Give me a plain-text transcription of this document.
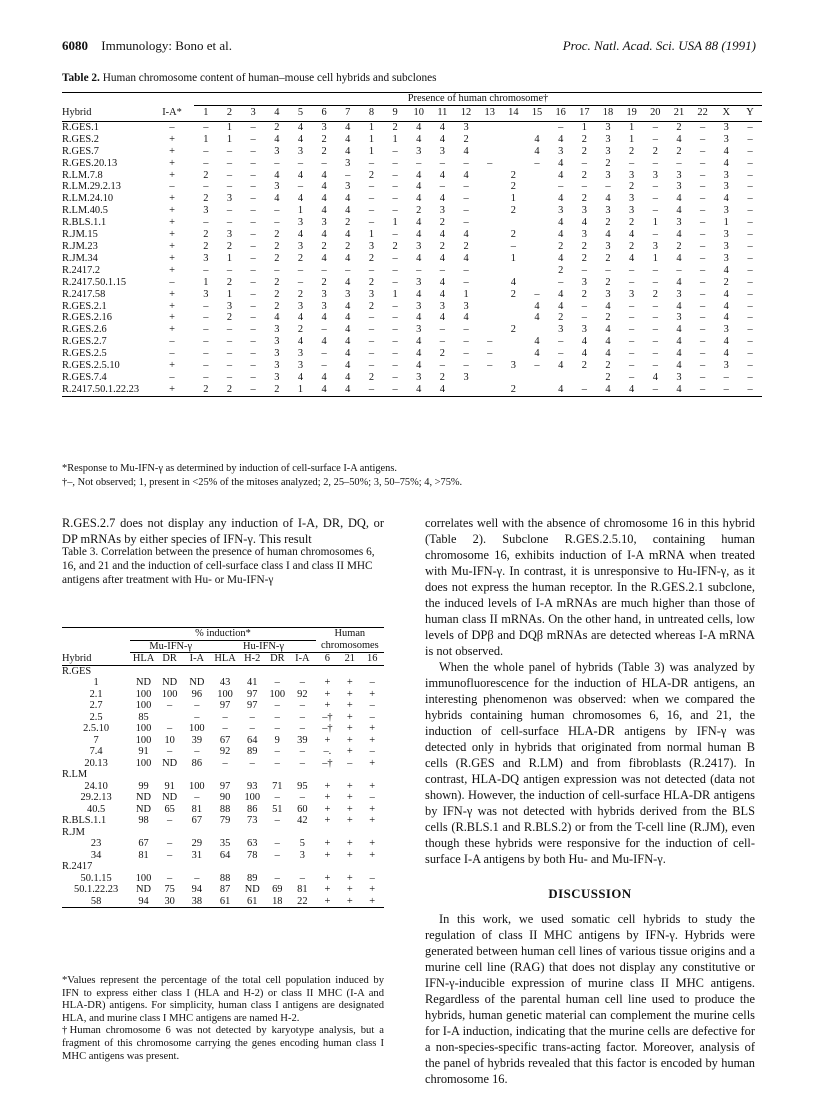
6080 Immunology: Bono et al.	Proc. Natl. Acad. Sci. USA 88 (1991)
Table 2. Human chromosome content of human–mouse cell hybrids and subclones
		Presence of human chromosome†																							
Hybrid	I-A*	1	2	3	4	5	6	7	8	9	10	11	12	13	14	15	16	17	18	19	20	21	22	X	Y
R.GES.1	–	–	1	–	2	4	3	4	1	2	4	4	3				–	1	3	1	–	2	–	3	–
R.GES.2	+	1	1	–	4	4	2	4	1	1	4	4	2			4	4	2	3	1	–	4	–	3	–
R.GES.7	+	–	–	–	3	3	2	4	1	–	3	3	4			4	3	2	3	2	2	2	–	4	–
R.GES.20.13	+	–	–	–	–	–	–	3	–	–	–	–	–	–		–	4	–	2	–	–	–	–	4	–
R.LM.7.8	+	2	–	–	4	4	4	–	2	–	4	4	4		2		4	2	3	3	3	3	–	3	–
R.LM.29.2.13	–	–	–	–	3	–	4	3	–	–	4	–	–		2		–	–	–	2	–	3	–	3	–
R.LM.24.10	+	2	3	–	4	4	4	4	–	–	4	4	–		1		4	2	4	3	–	4	–	4	–
R.LM.40.5	+	3	–	–	–	1	4	4	–	–	2	3	–		2		3	3	3	3	–	4	–	3	–
R.BLS.1.1	+	–	–	–	–	3	3	2	–	1	4	2	–				4	4	2	2	1	3	–	1	–
R.JM.15	+	2	3	–	2	4	4	4	1	–	4	4	4		2		4	3	4	4	–	4	–	3	–
R.JM.23	+	2	2	–	2	3	2	2	3	2	3	2	2		–		2	2	3	2	3	2	–	3	–
R.JM.34	+	3	1	–	2	2	4	4	2	–	4	4	4		1		4	2	2	4	1	4	–	3	–
R.2417.2	+	–	–	–	–	–	–	–	–	–	–	–	–				2	–	–	–	–	–	–	4	–
R.2417.50.1.15	–	1	2	–	2	–	2	4	2	–	3	4	–		4		–	3	2	–	–	4	–	2	–
R.2417.58	+	3	1	–	2	2	3	3	3	1	4	4	1		2	–	4	2	3	3	2	3	–	4	–
R.GES.2.1	+	–	3	–	2	3	3	4	2	–	3	3	3			4	4	–	4	–	–	4	–	4	–
R.GES.2.16	+	–	2	–	4	4	4	4	–	–	4	4	4			4	2	–	2	–	–	3	–	4	–
R.GES.2.6	+	–	–	–	3	2	–	4	–	–	3	–	–		2		3	3	4	–	–	4	–	3	–
R.GES.2.7	–	–	–	–	3	4	4	4	–	–	4	–	–	–		4	–	4	4	–	–	4	–	4	–
R.GES.2.5	–	–	–	–	3	3	–	4	–	–	4	2	–	–		4	–	4	4	–	–	4	–	4	–
R.GES.2.5.10	+	–	–	–	3	3	–	4	–	–	4	–	–	–	3	–	4	2	2	–	–	4	–	3	–
R.GES.7.4	–	–	–	–	3	4	4	4	2	–	3	2	3						2	–	4	3	–	–	–
R.2417.50.1.22.23	+	2	2	–	2	1	4	4	–	–	4	4			2		4	–	4	4	–	4	–	–	–
*Response to Mu-IFN-γ as determined by induction of cell-surface I-A antigens.
†–, Not observed; 1, present in <25% of the mitoses analyzed; 2, 25–50%; 3, 50–75%; 4, >75%.
R.GES.2.7 does not display any induction of I-A, DR, DQ, or DP mRNAs by either species of IFN-γ. This result
Table 3. Correlation between the presence of human chromosomes 6, 16, and 21 and the induction of cell-surface class I and class II MHC antigens after treatment with Hu- or Mu-IFN-γ
	% induction*							Human		
	Mu-IFN-γ			Hu-IFN-γ				chromosomes		
Hybrid	HLA	DR	I-A	HLA	H-2	DR	I-A	6	21	16
R.GES										
1	ND	ND	ND	43	41	–	–	+	+	–
2.1	100	100	96	100	97	100	92	+	+	+
2.7	100	–	–	97	97	–	–	+	+	–
2.5	85		–	–	–	–	–	–†	+	–
2.5.10	100	–	100	–	–	–	–	–†	+	+
7	100	10	39	67	64	9	39	+	+	+
7.4	91	–	–	92	89	–	–	–.	+	–
20.13	100	ND	86	–	–	–	–	–†	–	+
R.LM										
24.10	99	91	100	97	93	71	95	+	+	+
29.2.13	ND	ND	–	90	100	–	–	+	+	–
40.5	ND	65	81	88	86	51	60	+	+	+
R.BLS.1.1	98	–	67	79	73	–	42	+	+	+
R.JM										
23	67	–	29	35	63	–	5	+	+	+
34	81	–	31	64	78	–	3	+	+	+
R.2417										
50.1.15	100	–	–	88	89	–	–	+	+	–
50.1.22.23	ND	75	94	87	ND	69	81	+	+	+
58	94	30	38	61	61	18	22	+	+	+
*Values represent the percentage of the total cell population induced by IFN to express either class I (HLA and H-2) or class II MHC (I-A and HLA-DR) antigens. For simplicity, human class I antigens are designated HLA, and murine class I MHC antigens are named H-2.
†Human chromosome 6 was not detected by karyotype analysis, but a fragment of this chromosome carrying the genes encoding human class I MHC antigens was present.

correlates well with the absence of chromosome 16 in this hybrid (Table 2). Subclone R.GES.2.5.10, containing human chromosome 16, exhibits induction of I-A mRNA when treated with Mu-IFN-γ. In contrast, it is unresponsive to Hu-IFN-γ, as it does not express the human receptor. In the R.GES.2.1 subclone, the induced levels of I-A mRNAs are much higher than those of human class II mRNAs. On the other hand, in untreated cells, low levels of DPβ and DQβ mRNAs are detected whereas I-A mRNA is not observed.

When the whole panel of hybrids (Table 3) was analyzed by immunofluorescence for the induction of HLA-DR antigens, an interesting phenomenon was observed: when we compared the hybrids containing human chromosomes 6, 16, and 21, the induction of cell-surface HLA-DR antigens by IFN-γ was detected only in hybrids that originated from normal human B cells (R.GES and R.LM) and from fibroblasts (R.2417). In contrast, HLA-DQ antigen expression was not detected (data not shown). However, the induction of cell-surface HLA-DR antigens by IFN-γ was not detected with hybrids derived from the BLS cells (R.BLS.1 and R.BLS.2) or from the T-cell line (R.JM), even though these hybrids were responsive for the induction of cell-surface I-A antigens by both Hu- and Mu-IFN-γ.

DISCUSSION

In this work, we used somatic cell hybrids to study the regulation of class II MHC antigens by IFN-γ. Hybrids were generated between human cell lines of various tissue origins and a murine cell line (RAG) that does not display any constitutive or IFN-γ-inducible expression of murine class II MHC antigens. Regardless of the parental human cell line used to produce the hybrids, human genetic material can complement the murine cells for I-A induction, indicating that the murine cells are defective for a non-species-specific trans-acting factor. Moreover, analysis of the panel of hybrids revealed that this factor is encoded by human chromosome 16.
